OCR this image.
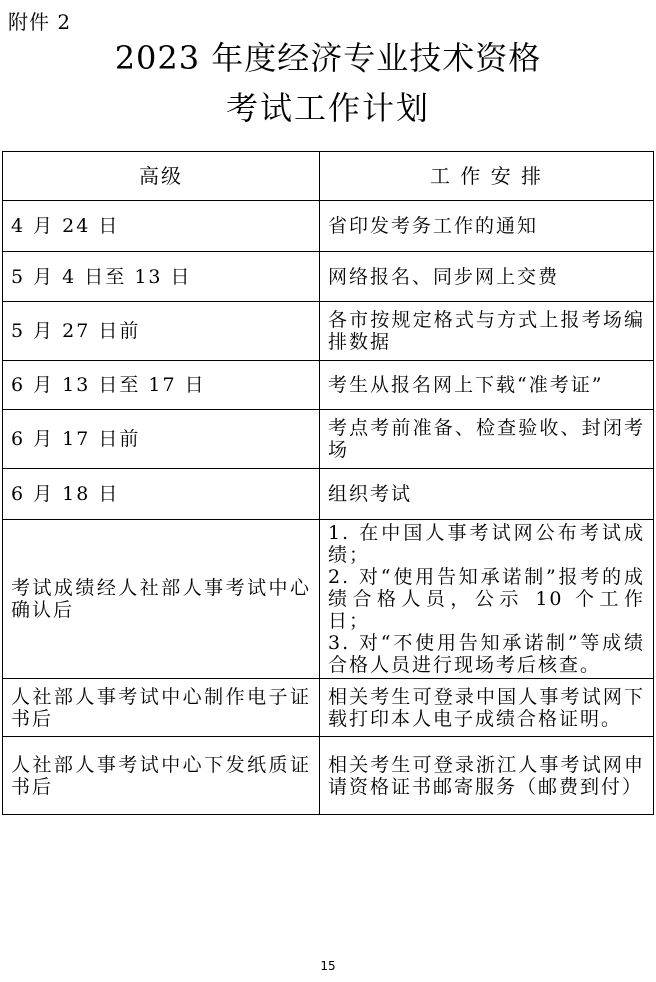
附件 2
2023 年度经济专业技术资格
考试工作计划
高级	工 作 安 排
4 月 24 日	省印发考务工作的通知
5 月 4 日至 13 日	网络报名、同步网上交费
5 月 27 日前	各市按规定格式与方式上报考场编排数据
6 月 13 日至 17 日	考生从报名网上下载“准考证”
6 月 17 日前	考点考前准备、检查验收、封闭考场
6 月 18 日	组织考试
考试成绩经人社部人事考试中心确认后	1. 在中国人事考试网公布考试成绩；
2. 对“使用告知承诺制”报考的成绩合格人员，公示 10 个工作日；
3. 对“不使用告知承诺制”等成绩合格人员进行现场考后核查。
人社部人事考试中心制作电子证书后	相关考生可登录中国人事考试网下载打印本人电子成绩合格证明。
人社部人事考试中心下发纸质证书后	相关考生可登录浙江人事考试网申请资格证书邮寄服务（邮费到付）
15
